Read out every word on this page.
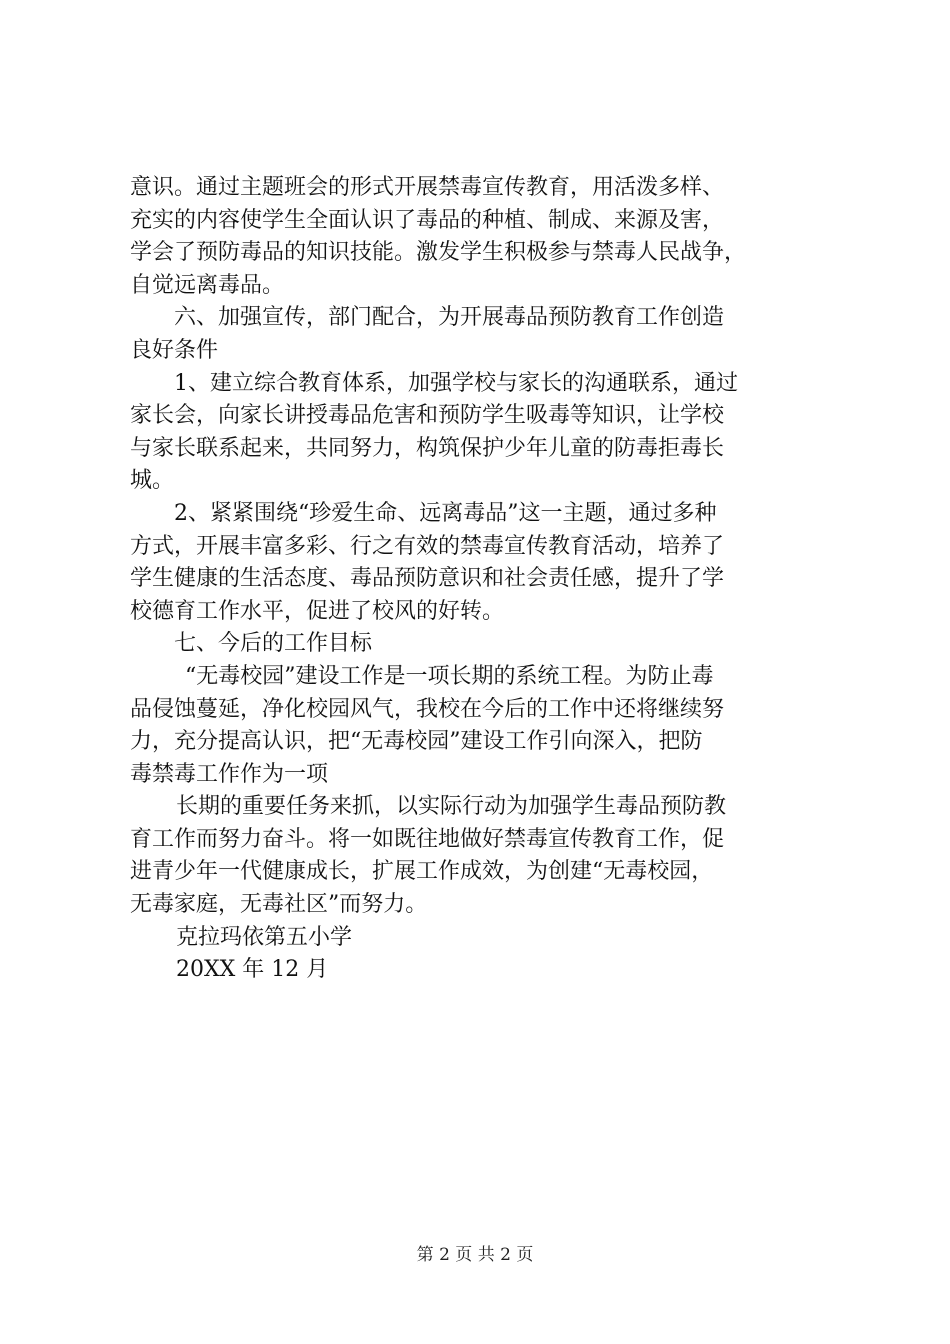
意识。通过主题班会的形式开展禁毒宣传教育，用活泼多样、
充实的内容使学生全面认识了毒品的种植、制成、来源及害，
学会了预防毒品的知识技能。激发学生积极参与禁毒人民战争，
自觉远离毒品。
六、加强宣传，部门配合，为开展毒品预防教育工作创造
良好条件
1、建立综合教育体系，加强学校与家长的沟通联系，通过
家长会，向家长讲授毒品危害和预防学生吸毒等知识，让学校
与家长联系起来，共同努力，构筑保护少年儿童的防毒拒毒长
城。
2、紧紧围绕“珍爱生命、远离毒品”这一主题，通过多种
方式，开展丰富多彩、行之有效的禁毒宣传教育活动，培养了
学生健康的生活态度、毒品预防意识和社会责任感，提升了学
校德育工作水平，促进了校风的好转。
七、今后的工作目标
“无毒校园”建设工作是一项长期的系统工程。为防止毒
品侵蚀蔓延，净化校园风气，我校在今后的工作中还将继续努
力，充分提高认识，把“无毒校园”建设工作引向深入，把防
毒禁毒工作作为一项
长期的重要任务来抓，以实际行动为加强学生毒品预防教
育工作而努力奋斗。将一如既往地做好禁毒宣传教育工作，促
进青少年一代健康成长，扩展工作成效，为创建“无毒校园，
无毒家庭，无毒社区”而努力。
克拉玛依第五小学
20XX 年 12 月
第 2 页 共 2 页
